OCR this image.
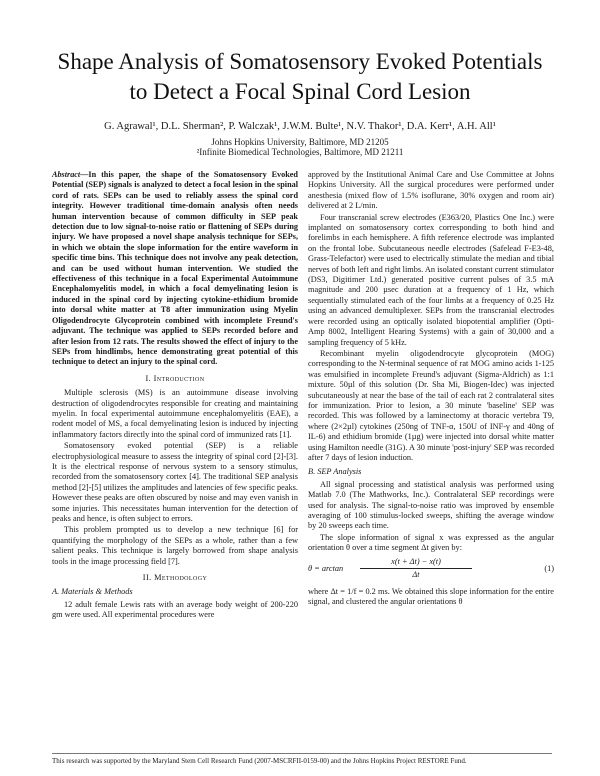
Shape Analysis of Somatosensory Evoked Potentials
to Detect a Focal Spinal Cord Lesion
G. Agrawal¹, D.L. Sherman², P. Walczak¹, J.W.M. Bulte¹, N.V. Thakor¹, D.A. Kerr¹, A.H. All¹
Johns Hopkins University, Baltimore, MD 21205
²Infinite Biomedical Technologies, Baltimore, MD 21211

Abstract—In this paper, the shape of the Somatosensory Evoked Potential (SEP) signals is analyzed to detect a focal lesion in the spinal cord of rats. SEPs can be used to reliably assess the spinal cord integrity. However traditional time-domain analysis often needs human intervention because of common difficulty in SEP peak detection due to low signal-to-noise ratio or flattening of SEPs during injury. We have proposed a novel shape analysis technique for SEPs, in which we obtain the slope information for the entire waveform in specific time bins. This technique does not involve any peak detection, and can be used without human intervention. We studied the effectiveness of this technique in a focal Experimental Autoimmune Encephalomyelitis model, in which a focal demyelinating lesion is induced in the spinal cord by injecting cytokine-ethidium bromide into dorsal white matter at T8 after immunization using Myelin Oligodendrocyte Glycoprotein combined with incomplete Freund's adjuvant. The technique was applied to SEPs recorded before and after lesion from 12 rats. The results showed the effect of injury to the SEPs from hindlimbs, hence demonstrating great potential of this technique to detect an injury to the spinal cord.

I. Introduction

Multiple sclerosis (MS) is an autoimmune disease involving destruction of oligodendrocytes responsible for creating and maintaining myelin. In focal experimental autoimmune encephalomyelitis (EAE), a rodent model of MS, a focal demyelinating lesion is induced by injecting inflammatory factors directly into the spinal cord of immunized rats [1].

Somatosensory evoked potential (SEP) is a reliable electrophysiological measure to assess the integrity of spinal cord [2]-[3]. It is the electrical response of nervous system to a sensory stimulus, recorded from the somatosensory cortex [4]. The traditional SEP analysis method [2]-[5] utilizes the amplitudes and latencies of few specific peaks. However these peaks are often obscured by noise and may even vanish in some injuries. This necessitates human intervention for the detection of peaks and hence, is often subject to errors.

This problem prompted us to develop a new technique [6] for quantifying the morphology of the SEPs as a whole, rather than a few salient peaks. This technique is largely borrowed from shape analysis tools in the image processing field [7].

II. Methodology
A. Materials & Methods

12 adult female Lewis rats with an average body weight of 200-220 gm were used. All experimental procedures were

approved by the Institutional Animal Care and Use Committee at Johns Hopkins University. All the surgical procedures were performed under anesthesia (mixed flow of 1.5% isoflurane, 30% oxygen and room air) delivered at 2 L/min.

Four transcranial screw electrodes (E363/20, Plastics One Inc.) were implanted on somatosensory cortex corresponding to both hind and forelimbs in each hemisphere. A fifth reference electrode was implanted on the frontal lobe. Subcutaneous needle electrodes (Safelead F-E3-48, Grass-Telefactor) were used to electrically stimulate the median and tibial nerves of both left and right limbs. An isolated constant current stimulator (DS3, Digitimer Ltd.) generated positive current pulses of 3.5 mA magnitude and 200 µsec duration at a frequency of 1 Hz, which sequentially stimulated each of the four limbs at a frequency of 0.25 Hz using an advanced demultiplexer. SEPs from the transcranial electrodes were recorded using an optically isolated biopotential amplifier (Opti-Amp 8002, Intelligent Hearing Systems) with a gain of 30,000 and a sampling frequency of 5 kHz.

Recombinant myelin oligodendrocyte glycoprotein (MOG) corresponding to the N-terminal sequence of rat MOG amino acids 1-125 was emulsified in incomplete Freund's adjuvant (Sigma-Aldrich) as 1:1 mixture. 50µl of this solution (Dr. Sha Mi, Biogen-Idec) was injected subcutaneously at near the base of the tail of each rat 2 contralateral sites for immunization. Prior to lesion, a 30 minute 'baseline' SEP was recorded. This was followed by a laminectomy at thoracic vertebra T9, where (2×2µl) cytokines (250ng of TNF-α, 150U of INF-γ and 40ng of IL-6) and ethidium bromide (1µg) were injected into dorsal white matter using Hamilton needle (31G). A 30 minute 'post-injury' SEP was recorded after 7 days of lesion induction.

B. SEP Analysis

All signal processing and statistical analysis was performed using Matlab 7.0 (The Mathworks, Inc.). Contralateral SEP recordings were used for analysis. The signal-to-noise ratio was improved by ensemble averaging of 100 stimulus-locked sweeps, shifting the average window by 20 sweeps each time.

The slope information of signal x was expressed as the angular orientation θ over a time segment Δt given by:

$\theta = \arctan \frac{x(t + \Delta t) - x(t)}{\Delta t}$	(1)

where Δt = 1/f = 0.2 ms. We obtained this slope information for the entire signal, and clustered the angular orientations θ

This research was supported by the Maryland Stem Cell Research Fund (2007-MSCRFII-0159-00) and the Johns Hopkins Project RESTORE Fund.
